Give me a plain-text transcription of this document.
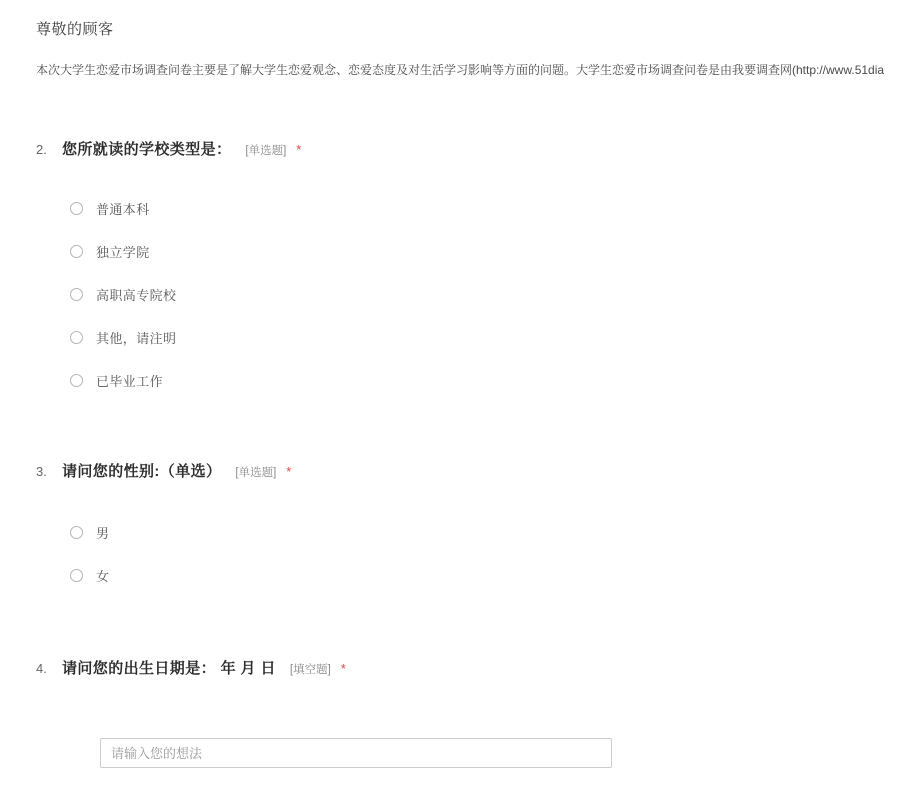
尊敬的顾客
本次大学生恋爱市场调查问卷主要是了解大学生恋爱观念、恋爱态度及对生活学习影响等方面的问题。大学生恋爱市场调查问卷是由我要调查网(http://www.51dia
2.	您所就读的学校类型是： [单选题] *
普通本科
独立学院
高职高专院校
其他，请注明
已毕业工作
3.	请问您的性别:（单选） [单选题] *
男
女
4.	请问您的出生日期是： 年 月 日 [填空题] *
请输入您的想法
